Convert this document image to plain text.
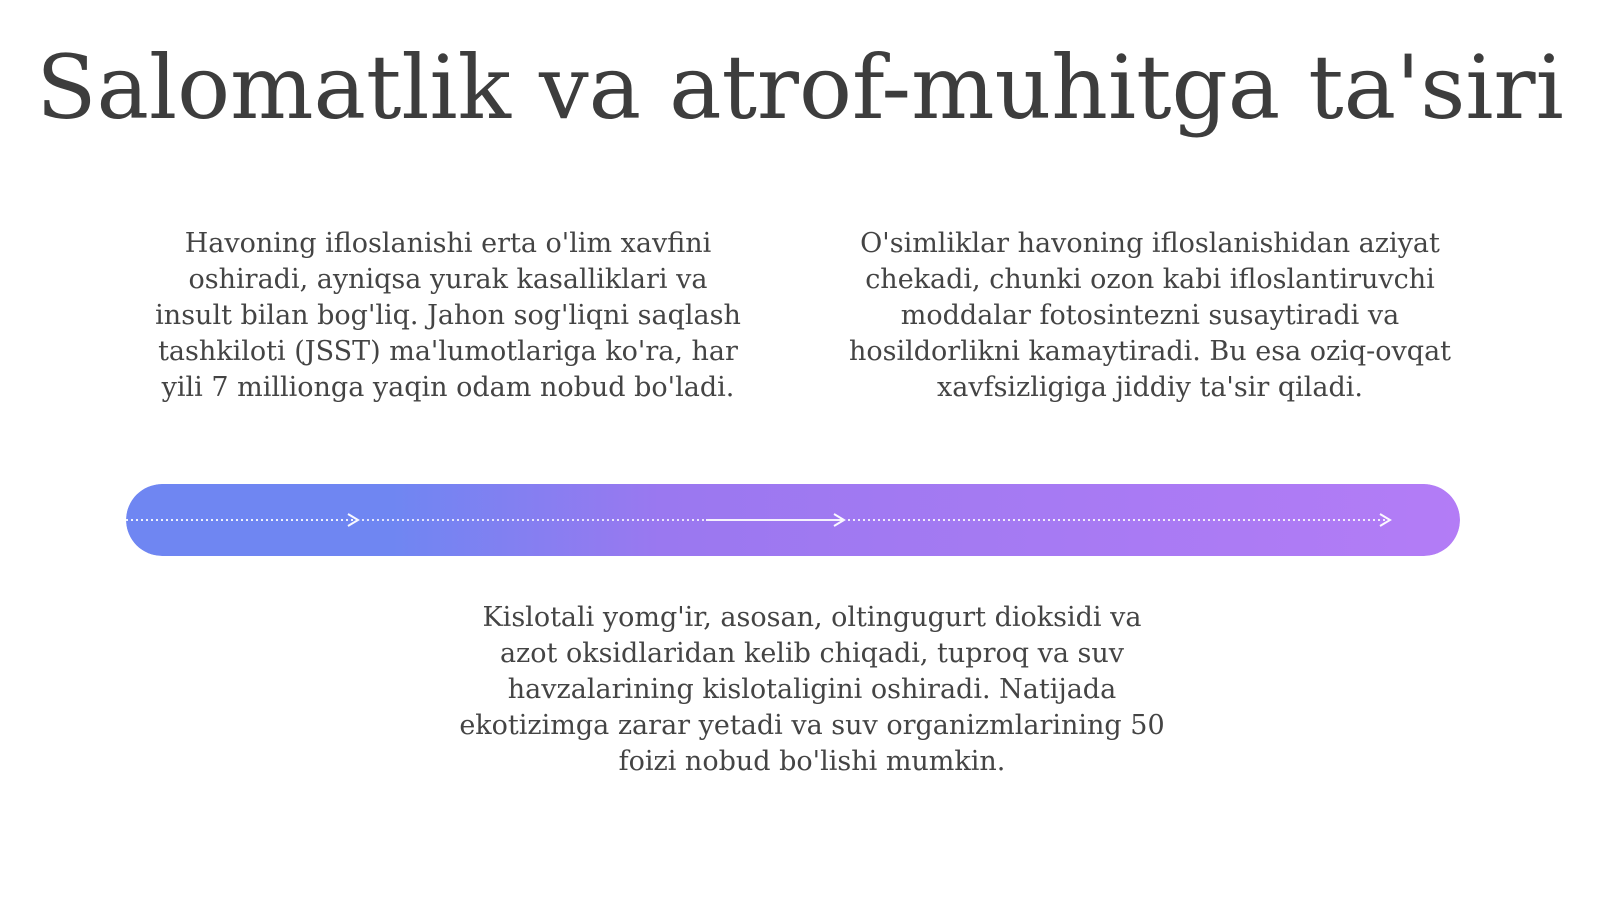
Salomatlik va atrof-muhitga ta'siri

Havoning ifloslanishi erta o'lim xavfini oshiradi, ayniqsa yurak kasalliklari va insult bilan bog'liq. Jahon sog'liqni saqlash tashkiloti (JSST) ma'lumotlariga ko'ra, har yili 7 millionga yaqin odam nobud bo'ladi.

O'simliklar havoning ifloslanishidan aziyat chekadi, chunki ozon kabi ifloslantiruvchi moddalar fotosintezni susaytiradi va hosildorlikni kamaytiradi. Bu esa oziq-ovqat xavfsizligiga jiddiy ta'sir qiladi.

Kislotali yomg'ir, asosan, oltingugurt dioksidi va azot oksidlaridan kelib chiqadi, tuproq va suv havzalarining kislotaligini oshiradi. Natijada ekotizimga zarar yetadi va suv organizmlarining 50 foizi nobud bo'lishi mumkin.
